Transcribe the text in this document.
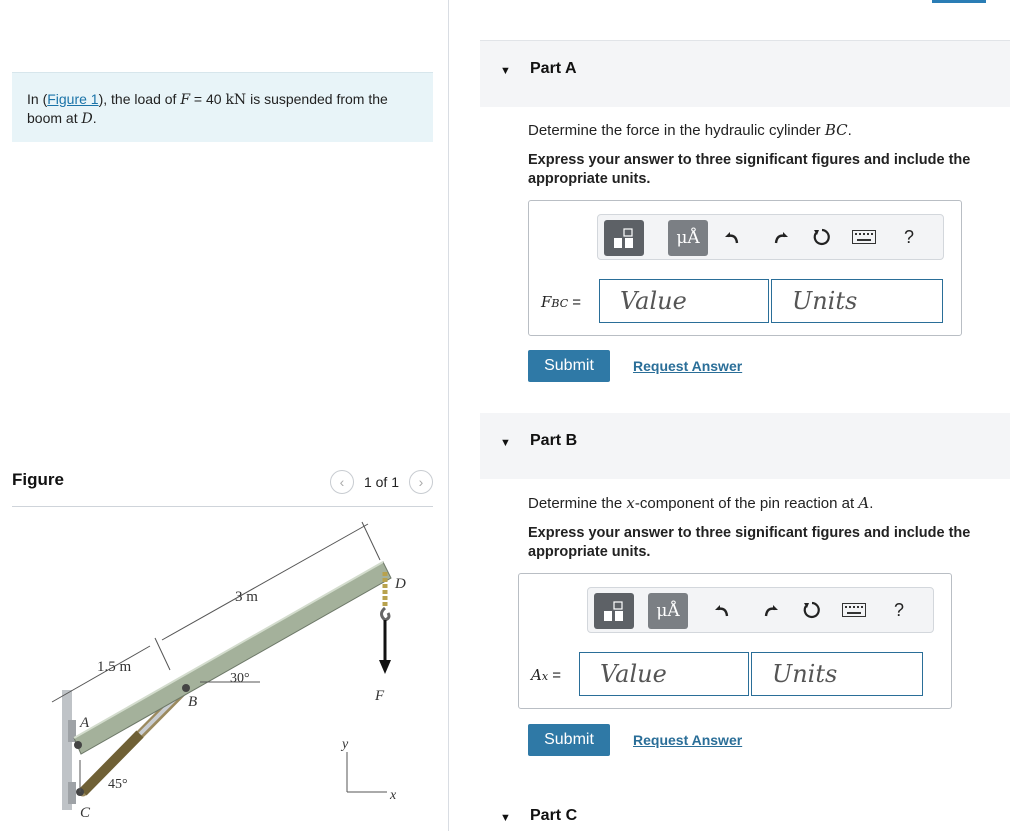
In (Figure 1), the load of F = 40 kN is suspended from the boom at D.
Figure	‹ 1 of 1 ›
3 m
1.5 m
30°
45°
A
B
C
D
F
y
x
▼ Part A
Determine the force in the hydraulic cylinder BC.
Express your answer to three significant figures and include the appropriate units.
μÅ	?
FBC =	Value	Units
Submit	Request Answer
▼ Part B
Determine the x-component of the pin reaction at A.
Express your answer to three significant figures and include the appropriate units.
μÅ	?
Ax =	Value	Units
Submit	Request Answer
▼ Part C
